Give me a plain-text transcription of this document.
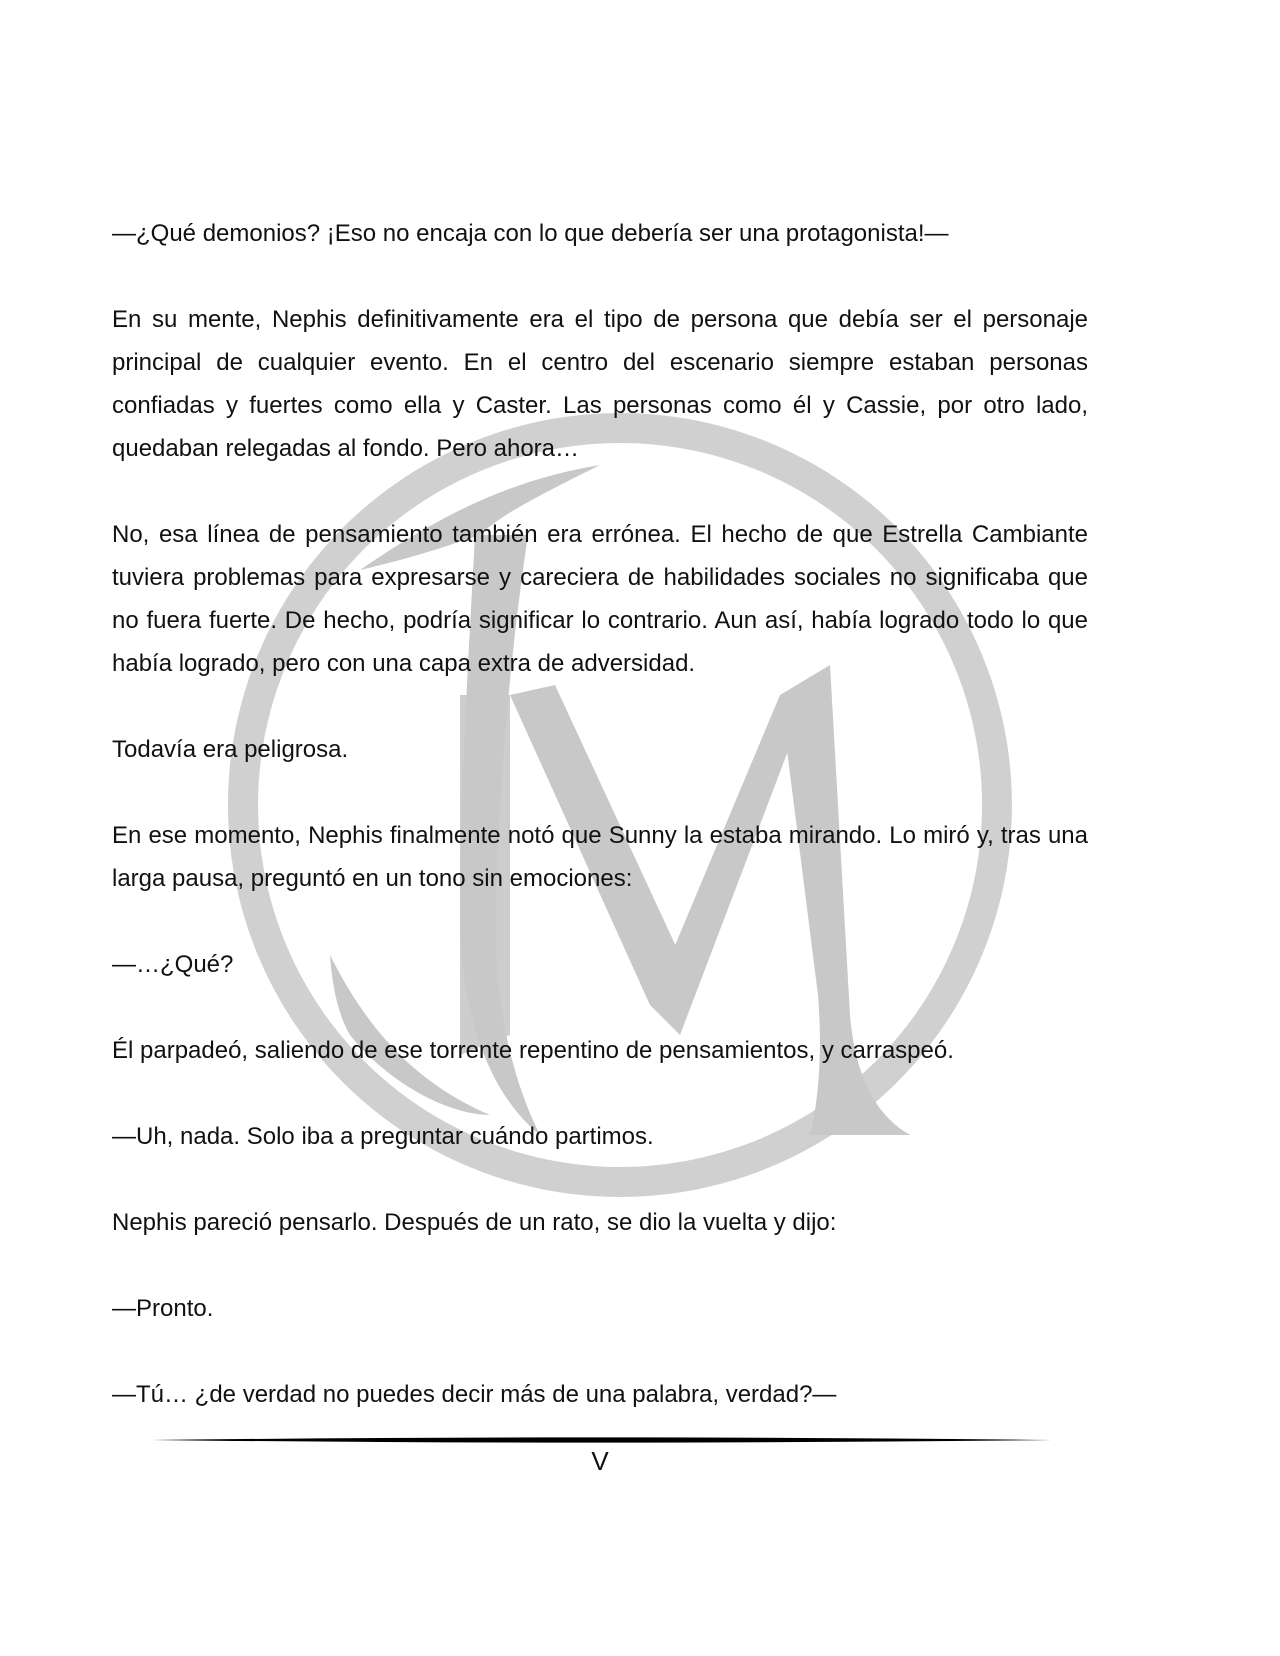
—¿Qué demonios? ¡Eso no encaja con lo que debería ser una protagonista!—

En su mente, Nephis definitivamente era el tipo de persona que debía ser el personaje principal de cualquier evento. En el centro del escenario siempre estaban personas confiadas y fuertes como ella y Caster. Las personas como él y Cassie, por otro lado, quedaban relegadas al fondo. Pero ahora…

No, esa línea de pensamiento también era errónea. El hecho de que Estrella Cambiante tuviera problemas para expresarse y careciera de habilidades sociales no significaba que no fuera fuerte. De hecho, podría significar lo contrario. Aun así, había logrado todo lo que había logrado, pero con una capa extra de adversidad.

Todavía era peligrosa.

En ese momento, Nephis finalmente notó que Sunny la estaba mirando. Lo miró y, tras una larga pausa, preguntó en un tono sin emociones:

—…¿Qué?

Él parpadeó, saliendo de ese torrente repentino de pensamientos, y carraspeó.

—Uh, nada. Solo iba a preguntar cuándo partimos.

Nephis pareció pensarlo. Después de un rato, se dio la vuelta y dijo:

—Pronto.

—Tú… ¿de verdad no puedes decir más de una palabra, verdad?—

V
